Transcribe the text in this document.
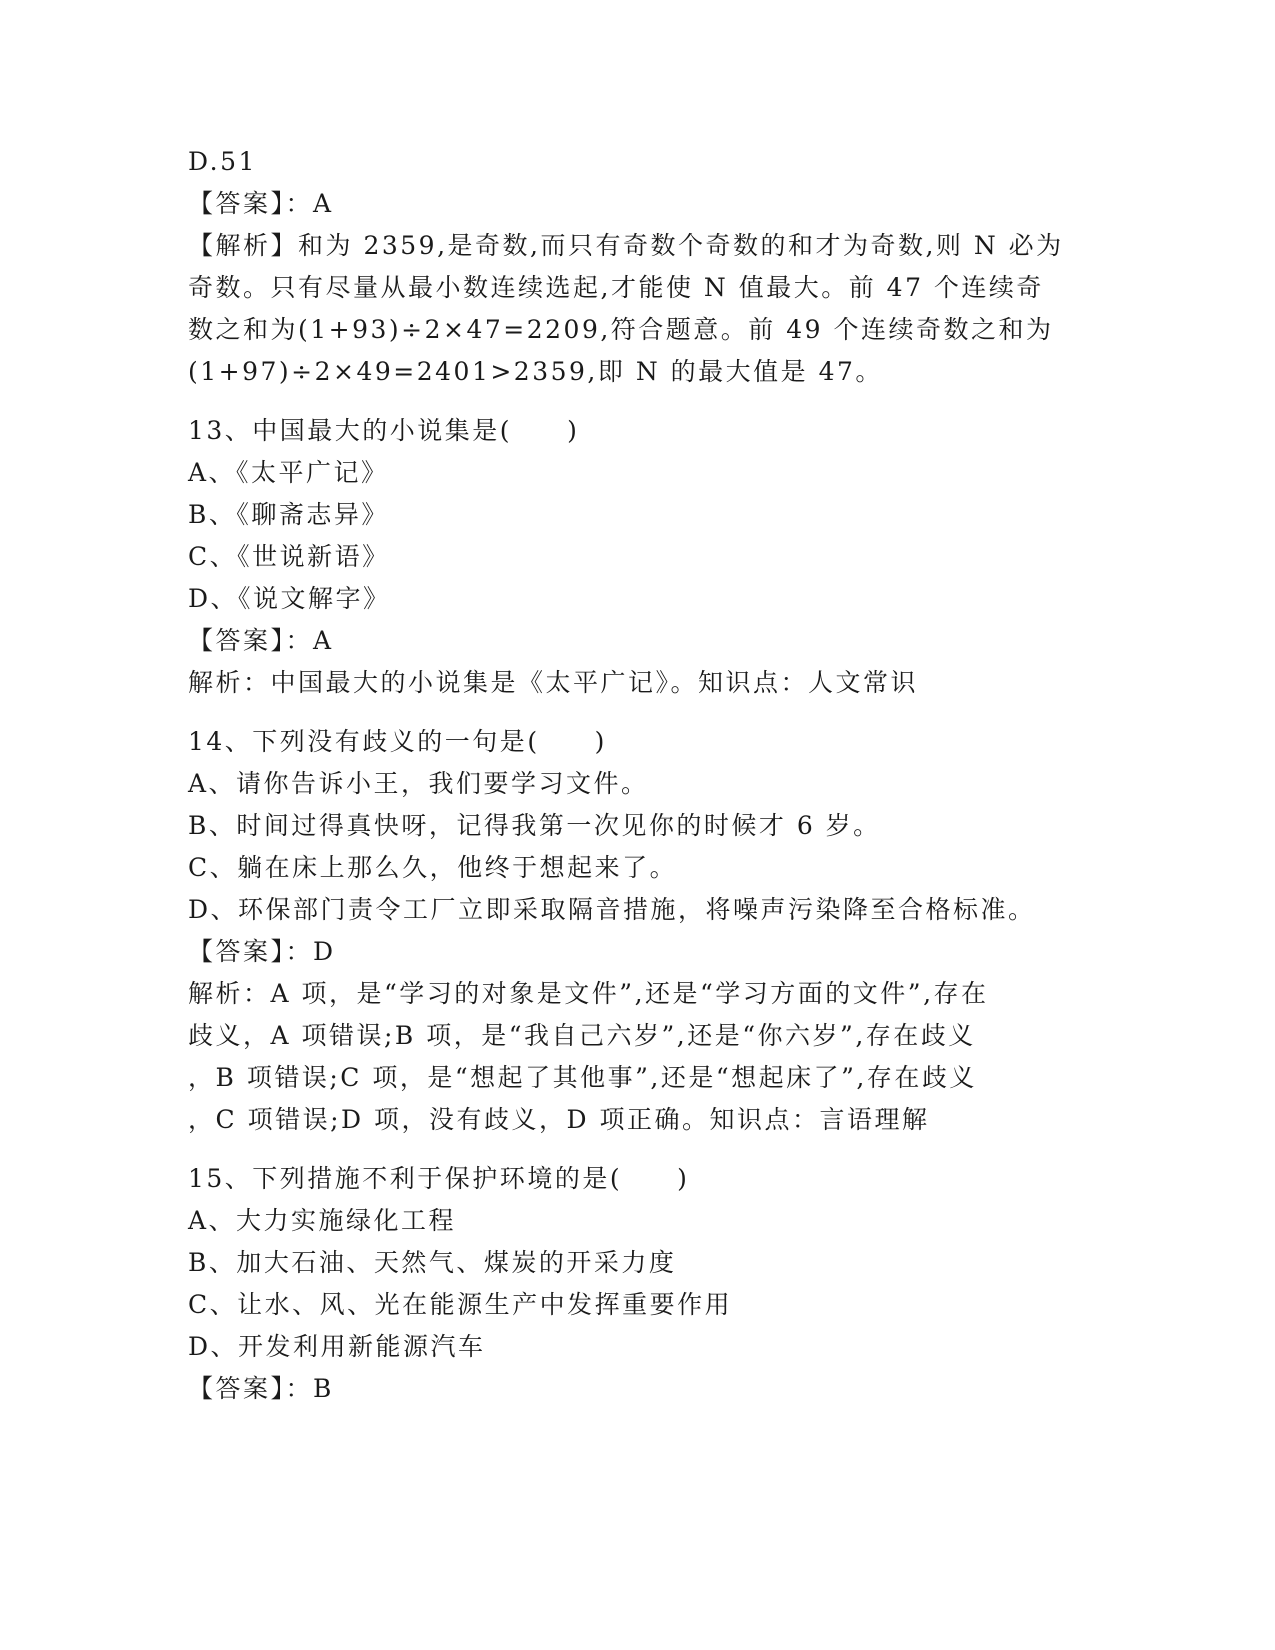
D.51
【答案】：A
【解析】和为 2359,是奇数,而只有奇数个奇数的和才为奇数,则 N 必为
奇数。只有尽量从最小数连续选起,才能使 N 值最大。前 47 个连续奇
数之和为(1+93)÷2×47=2209,符合题意。前 49 个连续奇数之和为
(1+97)÷2×49=2401>2359,即 N 的最大值是 47。
13、中国最大的小说集是(　　)
A、《太平广记》
B、《聊斋志异》
C、《世说新语》
D、《说文解字》
【答案】：A
解析：中国最大的小说集是《太平广记》。知识点：人文常识
14、下列没有歧义的一句是(　　)
A、请你告诉小王，我们要学习文件。
B、时间过得真快呀，记得我第一次见你的时候才 6 岁。
C、躺在床上那么久，他终于想起来了。
D、环保部门责令工厂立即采取隔音措施，将噪声污染降至合格标准。
【答案】：D
解析：A 项，是“学习的对象是文件”,还是“学习方面的文件”,存在
歧义，A 项错误;B 项，是“我自己六岁”,还是“你六岁”,存在歧义
，B 项错误;C 项，是“想起了其他事”,还是“想起床了”,存在歧义
，C 项错误;D 项，没有歧义，D 项正确。知识点：言语理解
15、下列措施不利于保护环境的是(　　)
A、大力实施绿化工程
B、加大石油、天然气、煤炭的开采力度
C、让水、风、光在能源生产中发挥重要作用
D、开发利用新能源汽车
【答案】：B
